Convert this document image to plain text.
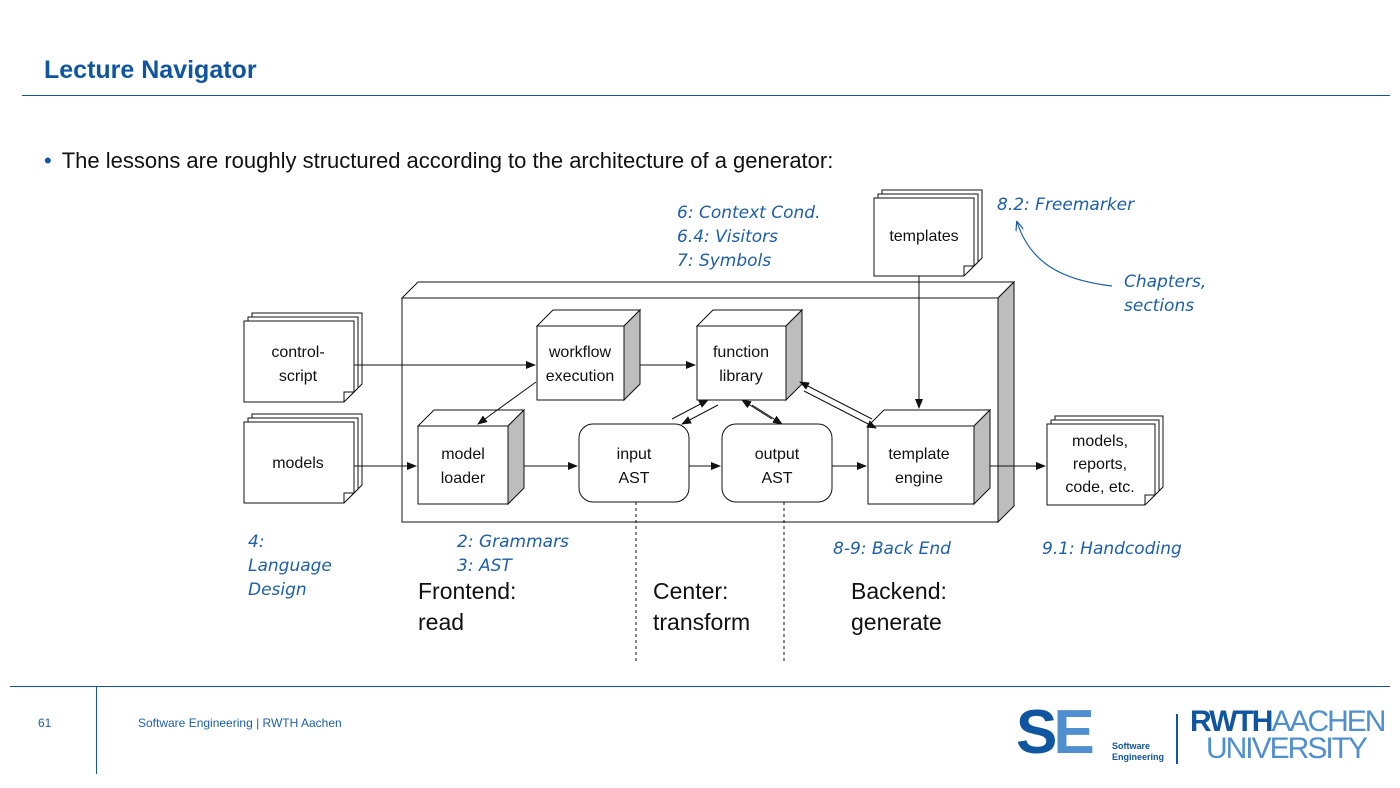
Lecture Navigator
• The lessons are roughly structured according to the architecture of a generator:
control-
script
models
templates
models,
reports,
code, etc.
workflow
execution
function
library
model
loader
template
engine
input
AST
output
AST
6: Context Cond.
6.4: Visitors
7: Symbols
8.2: Freemarker
Chapters,
sections
4:
Language
Design
2: Grammars
3: AST
8-9: Back End	9.1: Handcoding
Frontend:
read
Center:
transform
Backend:
generate
61	Software Engineering | RWTH Aachen	SE Software
Engineering
RWTHAACHEN
UNIVERSITY
